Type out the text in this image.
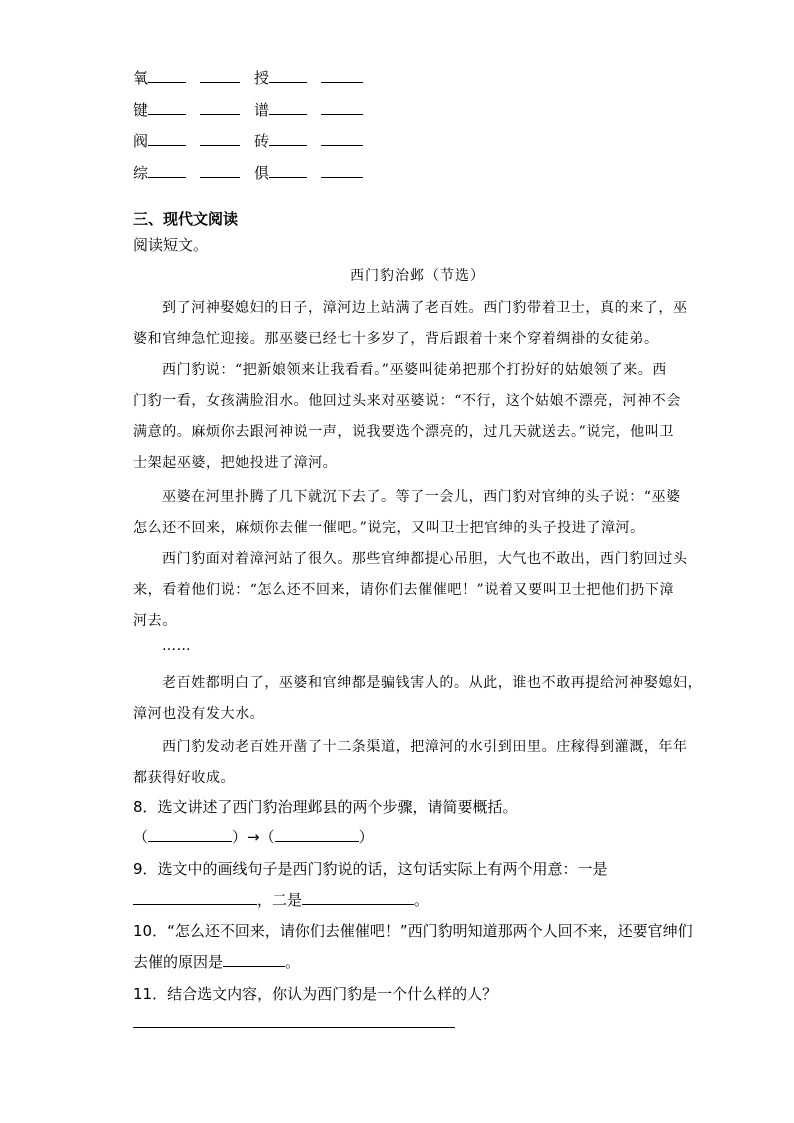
氧	授
键	谱
阀	砖
综	俱
三、现代文阅读
阅读短文。
西门豹治邺（节选）
到了河神娶媳妇的日子，漳河边上站满了老百姓。西门豹带着卫士，真的来了，巫
婆和官绅急忙迎接。那巫婆已经七十多岁了，背后跟着十来个穿着绸褂的女徒弟。
西门豹说：“把新娘领来让我看看。”巫婆叫徒弟把那个打扮好的姑娘领了来。西
门豹一看，女孩满脸泪水。他回过头来对巫婆说：“不行，这个姑娘不漂亮，河神不会
满意的。麻烦你去跟河神说一声，说我要选个漂亮的，过几天就送去。”说完，他叫卫
士架起巫婆，把她投进了漳河。
巫婆在河里扑腾了几下就沉下去了。等了一会儿，西门豹对官绅的头子说：“巫婆
怎么还不回来，麻烦你去催一催吧。”说完，又叫卫士把官绅的头子投进了漳河。
西门豹面对着漳河站了很久。那些官绅都提心吊胆，大气也不敢出，西门豹回过头
来，看着他们说：“怎么还不回来，请你们去催催吧！”说着又要叫卫士把他们扔下漳
河去。
……
老百姓都明白了，巫婆和官绅都是骗钱害人的。从此，谁也不敢再提给河神娶媳妇，
漳河也没有发大水。
西门豹发动老百姓开凿了十二条渠道，把漳河的水引到田里。庄稼得到灌溉，年年
都获得好收成。
8．选文讲述了西门豹治理邺县的两个步骤，请简要概括。
（	）→（	）
9．选文中的画线句子是西门豹说的话，这句话实际上有两个用意：一是
，二是	。
10．“怎么还不回来，请你们去催催吧！”西门豹明知道那两个人回不来，还要官绅们
去催的原因是	。
11．结合选文内容，你认为西门豹是一个什么样的人？
